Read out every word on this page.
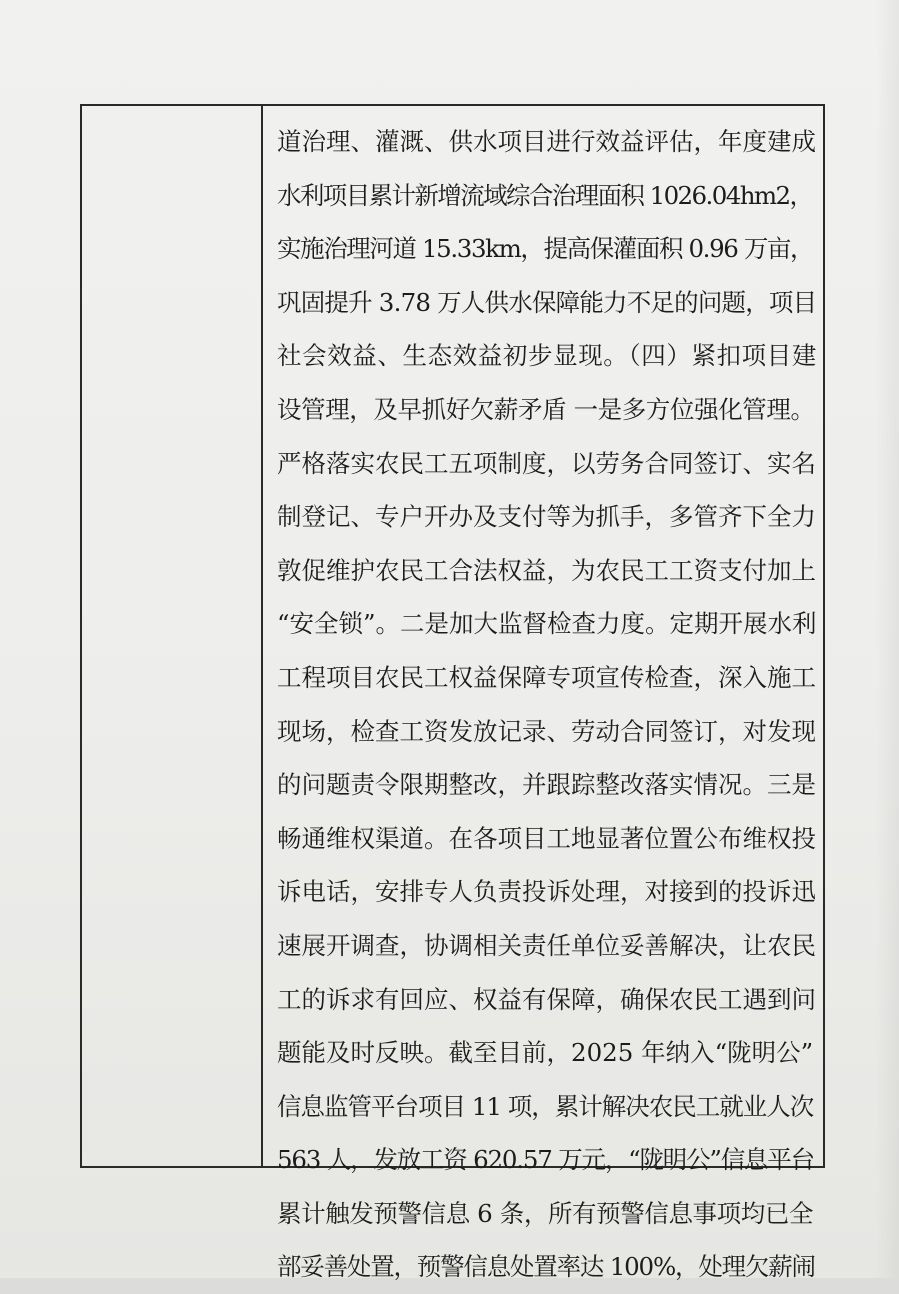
道治理、灌溉、供水项目进行效益评估，年度建成
水利项目累计新增流域综合治理面积 1026.04hm2，
实施治理河道 15.33km，提高保灌面积 0.96 万亩，
巩固提升 3.78 万人供水保障能力不足的问题，项目
社会效益、生态效益初步显现。（四）紧扣项目建
设管理，及早抓好欠薪矛盾 一是多方位强化管理。
严格落实农民工五项制度，以劳务合同签订、实名
制登记、专户开办及支付等为抓手，多管齐下全力
敦促维护农民工合法权益，为农民工工资支付加上
“安全锁”。二是加大监督检查力度。定期开展水利
工程项目农民工权益保障专项宣传检查，深入施工
现场，检查工资发放记录、劳动合同签订，对发现
的问题责令限期整改，并跟踪整改落实情况。三是
畅通维权渠道。在各项目工地显著位置公布维权投
诉电话，安排专人负责投诉处理，对接到的投诉迅
速展开调查，协调相关责任单位妥善解决，让农民
工的诉求有回应、权益有保障，确保农民工遇到问
题能及时反映。截至目前，2025 年纳入“陇明公”
信息监管平台项目 11 项，累计解决农民工就业人次
563 人，发放工资 620.57 万元，“陇明公”信息平台
累计触发预警信息 6 条，所有预警信息事项均已全
部妥善处置，预警信息处置率达 100%，处理欠薪闹
